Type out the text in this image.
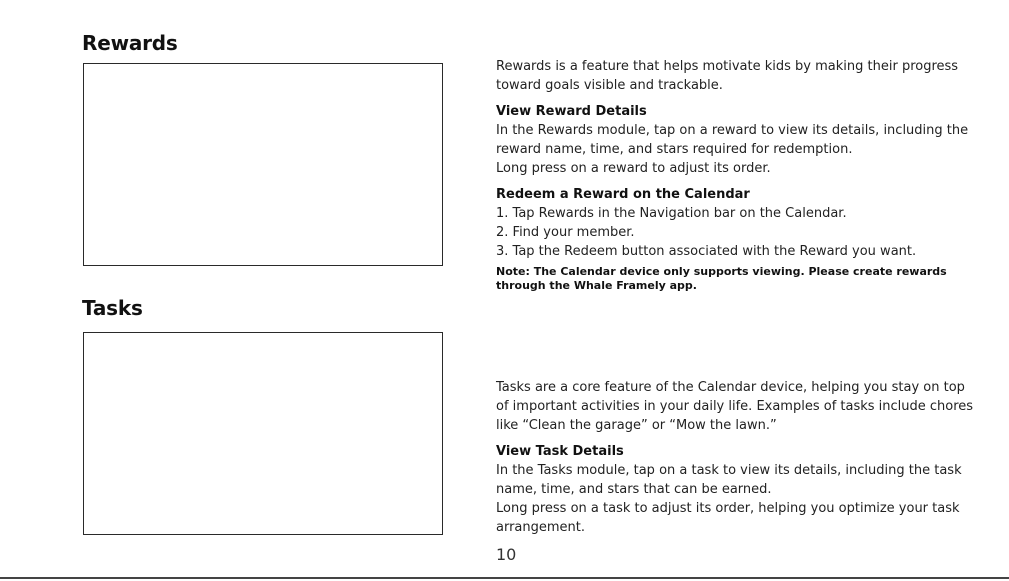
Rewards

Rewards is a feature that helps motivate kids by making their progress toward goals visible and trackable.

View Reward Details

In the Rewards module, tap on a reward to view its details, including the reward name, time, and stars required for redemption.

Long press on a reward to adjust its order.

Redeem a Reward on the Calendar

1. Tap Rewards in the Navigation bar on the Calendar.

2. Find your member.

3. Tap the Redeem button associated with the Reward you want.

Note: The Calendar device only supports viewing. Please create rewards through the Whale Framely app.

Tasks

Tasks are a core feature of the Calendar device, helping you stay on top of important activities in your daily life. Examples of tasks include chores like “Clean the garage” or “Mow the lawn.”

View Task Details

In the Tasks module, tap on a task to view its details, including the task name, time, and stars that can be earned.

Long press on a task to adjust its order, helping you optimize your task arrangement.

10
